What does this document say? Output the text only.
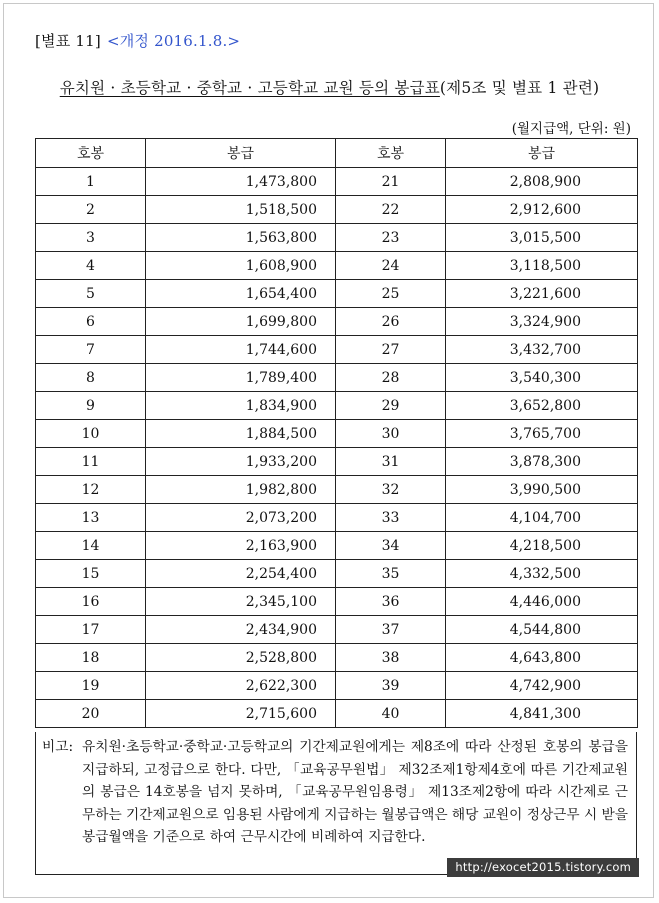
[별표 11] <개정 2016.1.8.>
유치원 · 초등학교 · 중학교 · 고등학교 교원 등의 봉급표(제5조 및 별표 1 관련)
(월지급액, 단위: 원)
호봉	봉급	호봉	봉급
1	1,473,800	21	2,808,900
2	1,518,500	22	2,912,600
3	1,563,800	23	3,015,500
4	1,608,900	24	3,118,500
5	1,654,400	25	3,221,600
6	1,699,800	26	3,324,900
7	1,744,600	27	3,432,700
8	1,789,400	28	3,540,300
9	1,834,900	29	3,652,800
10	1,884,500	30	3,765,700
11	1,933,200	31	3,878,300
12	1,982,800	32	3,990,500
13	2,073,200	33	4,104,700
14	2,163,900	34	4,218,500
15	2,254,400	35	4,332,500
16	2,345,100	36	4,446,000
17	2,434,900	37	4,544,800
18	2,528,800	38	4,643,800
19	2,622,300	39	4,742,900
20	2,715,600	40	4,841,300
비고: 유치원·초등학교·중학교·고등학교의 기간제교원에게는 제8조에 따라 산정된 호봉의 봉급을 지급하되, 고정급으로 한다. 다만, 「교육공무원법」 제32조제1항제4호에 따른 기간제교원의 봉급은 14호봉을 넘지 못하며, 「교육공무원임용령」 제13조제2항에 따라 시간제로 근무하는 기간제교원으로 임용된 사람에게 지급하는 월봉급액은 해당 교원이 정상근무 시 받을 봉급월액을 기준으로 하여 근무시간에 비례하여 지급한다.
http://exocet2015.tistory.com
